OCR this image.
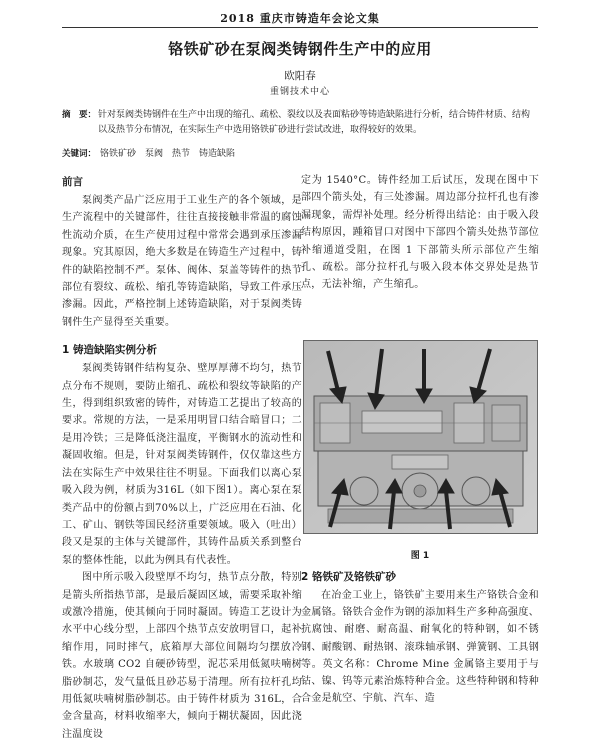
2018 重庆市铸造年会论文集
铬铁矿砂在泵阀类铸钢件生产中的应用
欧阳春
重钢技术中心
摘　要： 针对泵阀类铸钢件在生产中出现的缩孔、疏松、裂纹以及表面粘砂等铸造缺陷进行分析，结合铸件材质、结构以及热节分布情况，在实际生产中选用铬铁矿砂进行尝试改进，取得较好的效果。
关键词： 铬铁矿砂　泵阀　热节　铸造缺陷
前言

泵阀类产品广泛应用于工业生产的各个领域，是生产流程中的关键部件，往往直接接触非常温的腐蚀性流动介质，在生产使用过程中常常会遇到承压渗漏现象。究其原因，绝大多数是在铸造生产过程中，铸件的缺陷控制不严。泵体、阀体、泵盖等铸件的热节部位有裂纹、疏松、缩孔等铸造缺陷，导致工件承压渗漏。因此，严格控制上述铸造缺陷，对于泵阀类铸钢件生产显得至关重要。

1 铸造缺陷实例分析

泵阀类铸钢件结构复杂、壁厚厚薄不均匀，热节点分布不规则，要防止缩孔、疏松和裂纹等缺陷的产生，得到组织致密的铸件，对铸造工艺提出了较高的要求。常规的方法，一是采用明冒口结合暗冒口；二是用冷铁；三是降低浇注温度，平衡钢水的流动性和凝固收缩。但是，针对泵阀类铸钢件，仅仅靠这些方法在实际生产中效果往往不明显。下面我们以离心泵吸入段为例，材质为316L（如下图1）。离心泵在泵类产品中的份额占到70%以上，广泛应用在石油、化工、矿山、钢铁等国民经济重要领域。吸入（吐出）段又是泵的主体与关键部件，其铸件品质关系到整台泵的整体性能，以此为例具有代表性。

图中所示吸入段壁厚不均匀，热节点分散，特别是箭头所指热节部，是最后凝固区域，需要采取补缩或激冷措施，使其倾向于同时凝固。铸造工艺设计为水平中心线分型，上部四个热节点安放明冒口，起补缩作用，同时摔气，底箱厚大部位间隔均匀摆放冷铁。水玻璃 CO2 自硬砂铸型，泥芯采用低氮呋喃树脂砂制芯，发气量低且砂芯易于清理。所有拉杆孔均用低氮呋喃树脂砂制芯。由于铸件材质为 316L，合金含量高，材料收缩率大，倾向于糊状凝固，因此浇注温度设

定为 1540°C。铸件经加工后试压，发现在图中下部四个箭头处，有三处渗漏。周边部分拉杆孔也有渗漏现象，需焊补处理。经分析得出结论：由于吸入段结构原因，踵箱冒口对图中下部四个箭头处热节部位补缩通道受阻，在图 1 下部箭头所示部位产生缩孔、疏松。部分拉杆孔与吸入段本体交界处是热节点，无法补缩，产生缩孔。

图 1
2 铬铁矿及铬铁矿砂

在冶金工业上，铬铁矿主要用来生产铬铁合金和金属铬。铬铁合金作为钢的添加料生产多种高强度、抗腐蚀、耐磨、耐高温、耐氧化的特种钢，如不锈钢、耐酸钢、耐热钢、滚珠轴承钢、弹簧钢、工具钢等。英文名称：Chrome Mine 金属铬主要用于与钴、镍、钨等元素治炼特种合金。这些特种钢和特种合金是航空、宇航、汽车、造
